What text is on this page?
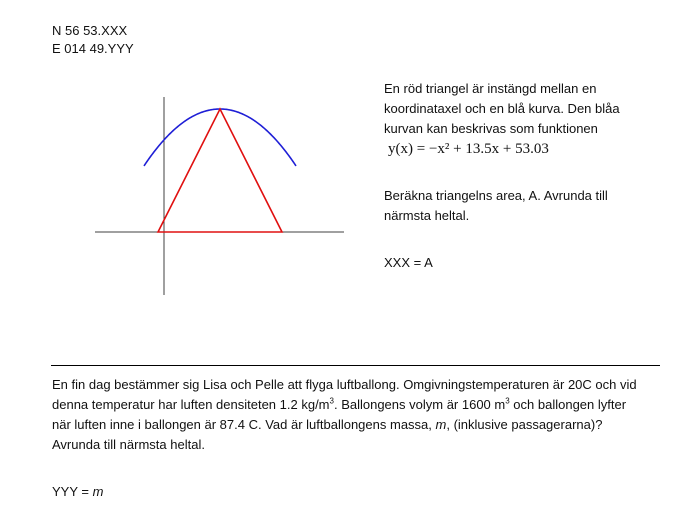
N 56 53.XXX
E 014 49.YYY
En röd triangel är instängd mellan en
koordinataxel och en blå kurva. Den blåa
kurvan kan beskrivas som funktionen
y(x) = −x² + 13.5x + 53.03
Beräkna triangelns area, A. Avrunda till
närmsta heltal.
XXX = A
En fin dag bestämmer sig Lisa och Pelle att flyga luftballong. Omgivningstemperaturen är 20C och vid
denna temperatur har luften densiteten 1.2 $kg/m^3$. Ballongens volym är 1600 $m^3$ och ballongen lyfter
när luften inne i ballongen är 87.4 C. Vad är luftballongens massa, m, (inklusive passagerarna)?
Avrunda till närmsta heltal.
YYY = m
